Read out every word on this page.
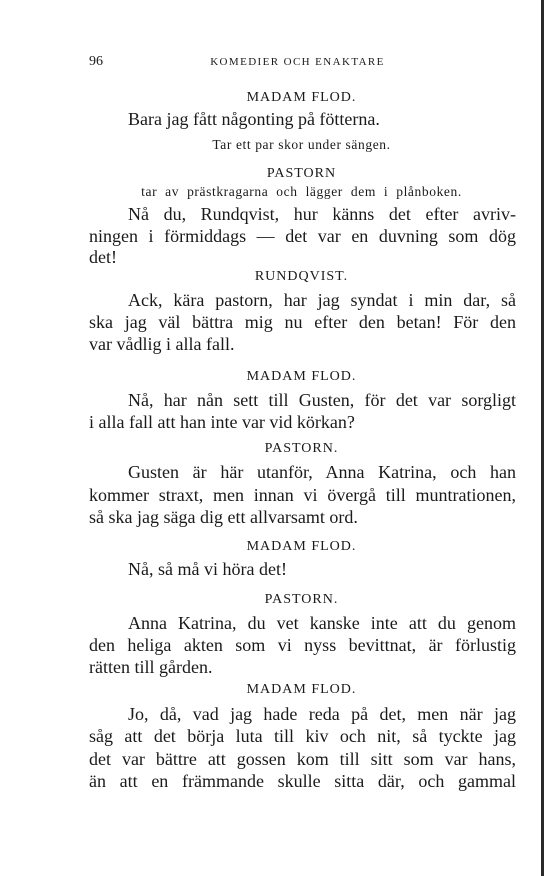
96	KOMEDIER OCH ENAKTARE
MADAM FLOD.
Bara jag fått någonting på fötterna.
Tar ett par skor under sängen.
PASTORN
tar av prästkragarna och lägger dem i plånboken.
Nå du, Rundqvist, hur känns det efter avriv-
ningen i förmiddags — det var en duvning som dög
det!
RUNDQVIST.
Ack, kära pastorn, har jag syndat i min dar, så
ska jag väl bättra mig nu efter den betan! För den
var vådlig i alla fall.
MADAM FLOD.
Nå, har nån sett till Gusten, för det var sorgligt
i alla fall att han inte var vid körkan?
PASTORN.
Gusten är här utanför, Anna Katrina, och han
kommer straxt, men innan vi övergå till muntrationen,
så ska jag säga dig ett allvarsamt ord.
MADAM FLOD.
Nå, så må vi höra det!
PASTORN.
Anna Katrina, du vet kanske inte att du genom
den heliga akten som vi nyss bevittnat, är förlustig
rätten till gården.
MADAM FLOD.
Jo, då, vad jag hade reda på det, men när jag
såg att det börja luta till kiv och nit, så tyckte jag
det var bättre att gossen kom till sitt som var hans,
än att en främmande skulle sitta där, och gammal
